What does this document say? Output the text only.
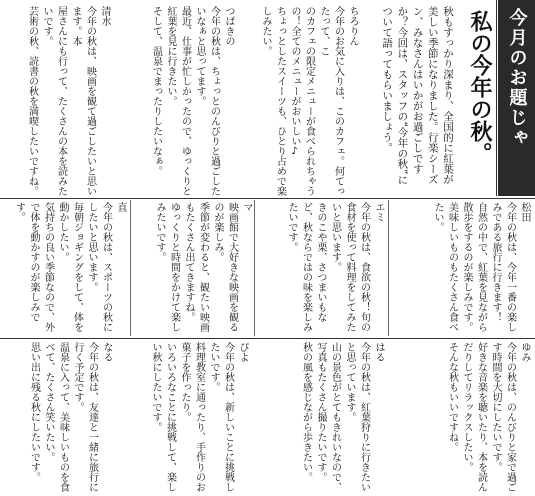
今月のお題じゃ
私の今年の秋。
秋もすっかり深まり、全国的に紅葉が美しい季節になりました。行楽シーズン、みなさんはいかがお過ごしですか？今回は、スタッフの“今年の秋”について語ってもらいましょう。
ちろりん
今年のお気に入りは、このカフェ。何てったって、こ
のカフェの限定メニューが食べられちゃうの！全てのメニューがおいしい♪
ちょっとしたスイーツも、ひとり占めで楽しみたい。
つばきの
今年の秋は、ちょっとのんびりと過ごしたいなぁと思ってます。
最近、仕事が忙しかったので、ゆっくりと紅葉を見に行きたい。
そして、温泉でまったりしたいなぁ。
清水
今年の秋は、映画を観て過ごしたいと思います。本
屋さんにも行って、たくさんの本を読みたいです。
芸術の秋、読書の秋を満喫したいですね。
松田
今年の秋は、今年一番の楽しみである旅行に行きます！
自然の中で、紅葉を見ながら散歩をするのが楽しみです。
美味しいものもたくさん食べたい。
エミ
今年の秋は、食欲の秋！旬の食材を使って料理をしてみたいと思います。
きのこや栗、さつまいもなど、秋ならではの味を楽しみたいです。
マ
映画館で大好きな映画を観るのが楽しみ。
季節が変わると、観たい映画もたくさん出てきますね。
ゆっくりと時間をかけて楽しみたいです。
直
今年の秋は、スポーツの秋にしたいと思います。
毎朝ジョギングをして、体を動かしたい。
気持ちの良い季節なので、外で体を動かすのが楽しみです。
ゆみ
今年の秋は、のんびりと家で過ごす時間を大切にしたいです。
好きな音楽を聴いたり、本を読んだりしてリラックスしたい。
そんな秋もいいですね。
はる
今年の秋は、紅葉狩りに行きたいと思っています。
山の景色がとてもきれいなので、写真もたくさん撮りたいです。
秋の風を感じながら歩きたい。
ぴよ
今年の秋は、新しいことに挑戦したいです。
料理教室に通ったり、手作りのお菓子を作ったり。
いろいろなことに挑戦して、楽しい秋にしたいです。
なる
今年の秋は、友達と一緒に旅行に行く予定です。
温泉に入って、美味しいものを食べて、たくさん笑いたい。
思い出に残る秋にしたいです。
